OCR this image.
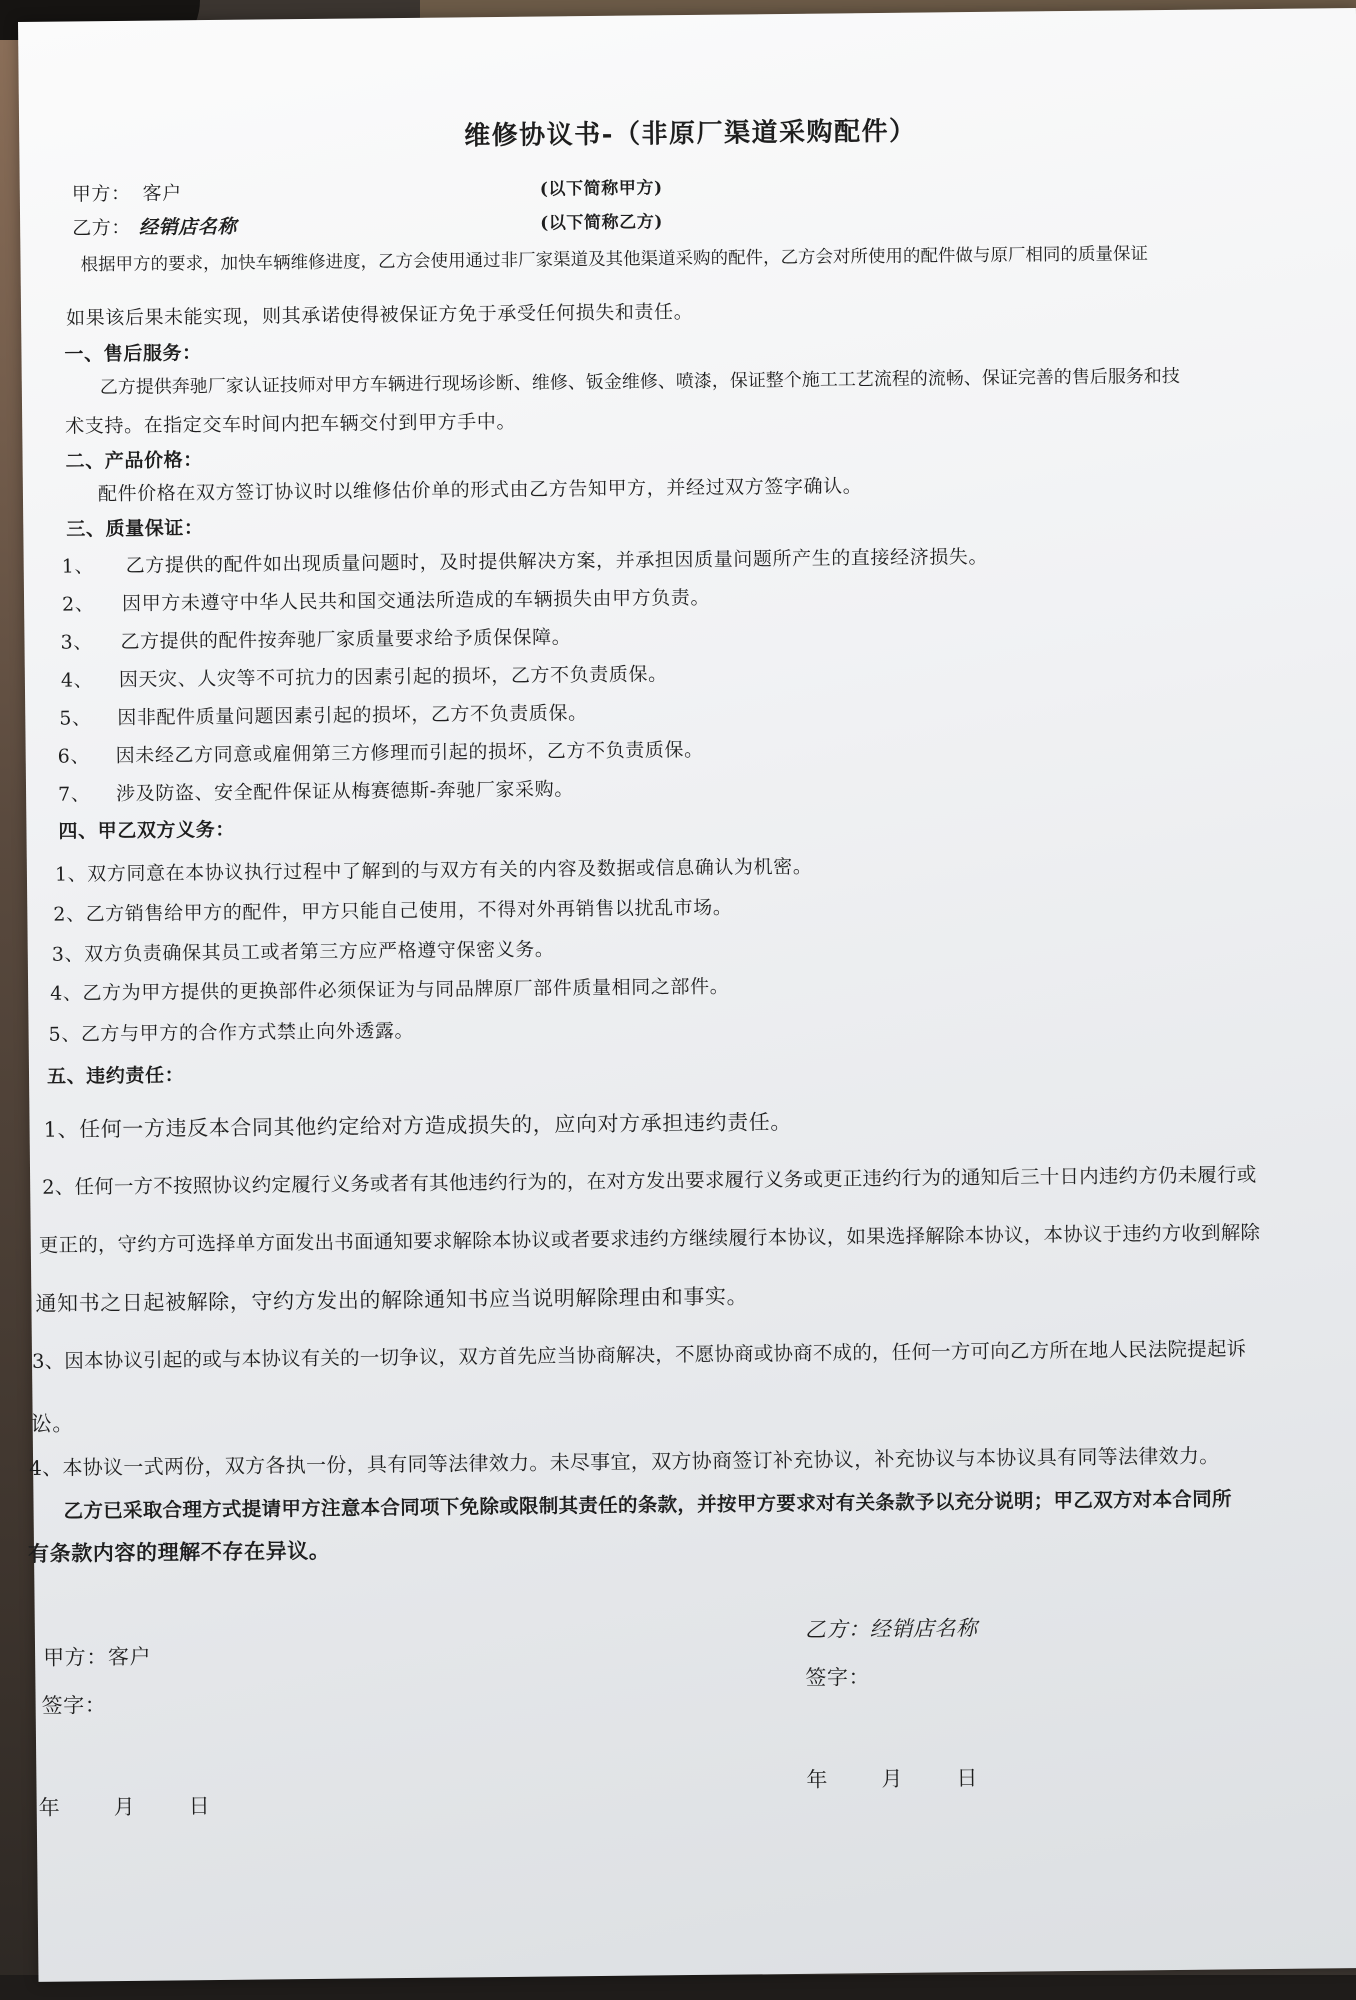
维修协议书-（非原厂渠道采购配件）
甲方： 客户	(以下简称甲方)
乙方： 经销店名称	(以下简称乙方)
根据甲方的要求，加快车辆维修进度，乙方会使用通过非厂家渠道及其他渠道采购的配件，乙方会对所使用的配件做与原厂相同的质量保证
如果该后果未能实现，则其承诺使得被保证方免于承受任何损失和责任。
一、售后服务：
乙方提供奔驰厂家认证技师对甲方车辆进行现场诊断、维修、钣金维修、喷漆，保证整个施工工艺流程的流畅、保证完善的售后服务和技
术支持。在指定交车时间内把车辆交付到甲方手中。
二、产品价格：
配件价格在双方签订协议时以维修估价单的形式由乙方告知甲方，并经过双方签字确认。
三、质量保证：
1、 乙方提供的配件如出现质量问题时，及时提供解决方案，并承担因质量问题所产生的直接经济损失。
2、 因甲方未遵守中华人民共和国交通法所造成的车辆损失由甲方负责。
3、 乙方提供的配件按奔驰厂家质量要求给予质保保障。
4、 因天灾、人灾等不可抗力的因素引起的损坏，乙方不负责质保。
5、 因非配件质量问题因素引起的损坏，乙方不负责质保。
6、 因未经乙方同意或雇佣第三方修理而引起的损坏，乙方不负责质保。
7、 涉及防盗、安全配件保证从梅赛德斯-奔驰厂家采购。
四、甲乙双方义务：
1、双方同意在本协议执行过程中了解到的与双方有关的内容及数据或信息确认为机密。
2、乙方销售给甲方的配件，甲方只能自己使用，不得对外再销售以扰乱市场。
3、双方负责确保其员工或者第三方应严格遵守保密义务。
4、乙方为甲方提供的更换部件必须保证为与同品牌原厂部件质量相同之部件。
5、乙方与甲方的合作方式禁止向外透露。
五、违约责任：
1、任何一方违反本合同其他约定给对方造成损失的，应向对方承担违约责任。
2、任何一方不按照协议约定履行义务或者有其他违约行为的，在对方发出要求履行义务或更正违约行为的通知后三十日内违约方仍未履行或
更正的，守约方可选择单方面发出书面通知要求解除本协议或者要求违约方继续履行本协议，如果选择解除本协议，本协议于违约方收到解除
通知书之日起被解除，守约方发出的解除通知书应当说明解除理由和事实。
3、因本协议引起的或与本协议有关的一切争议，双方首先应当协商解决，不愿协商或协商不成的，任何一方可向乙方所在地人民法院提起诉
讼。
4、本协议一式两份，双方各执一份，具有同等法律效力。未尽事宜，双方协商签订补充协议，补充协议与本协议具有同等法律效力。
乙方已采取合理方式提请甲方注意本合同项下免除或限制其责任的条款，并按甲方要求对有关条款予以充分说明；甲乙双方对本合同所
有条款内容的理解不存在异议。
甲方：客户
签字：
年　　月　　日
乙方：经销店名称
签字：
年　　月　　日
